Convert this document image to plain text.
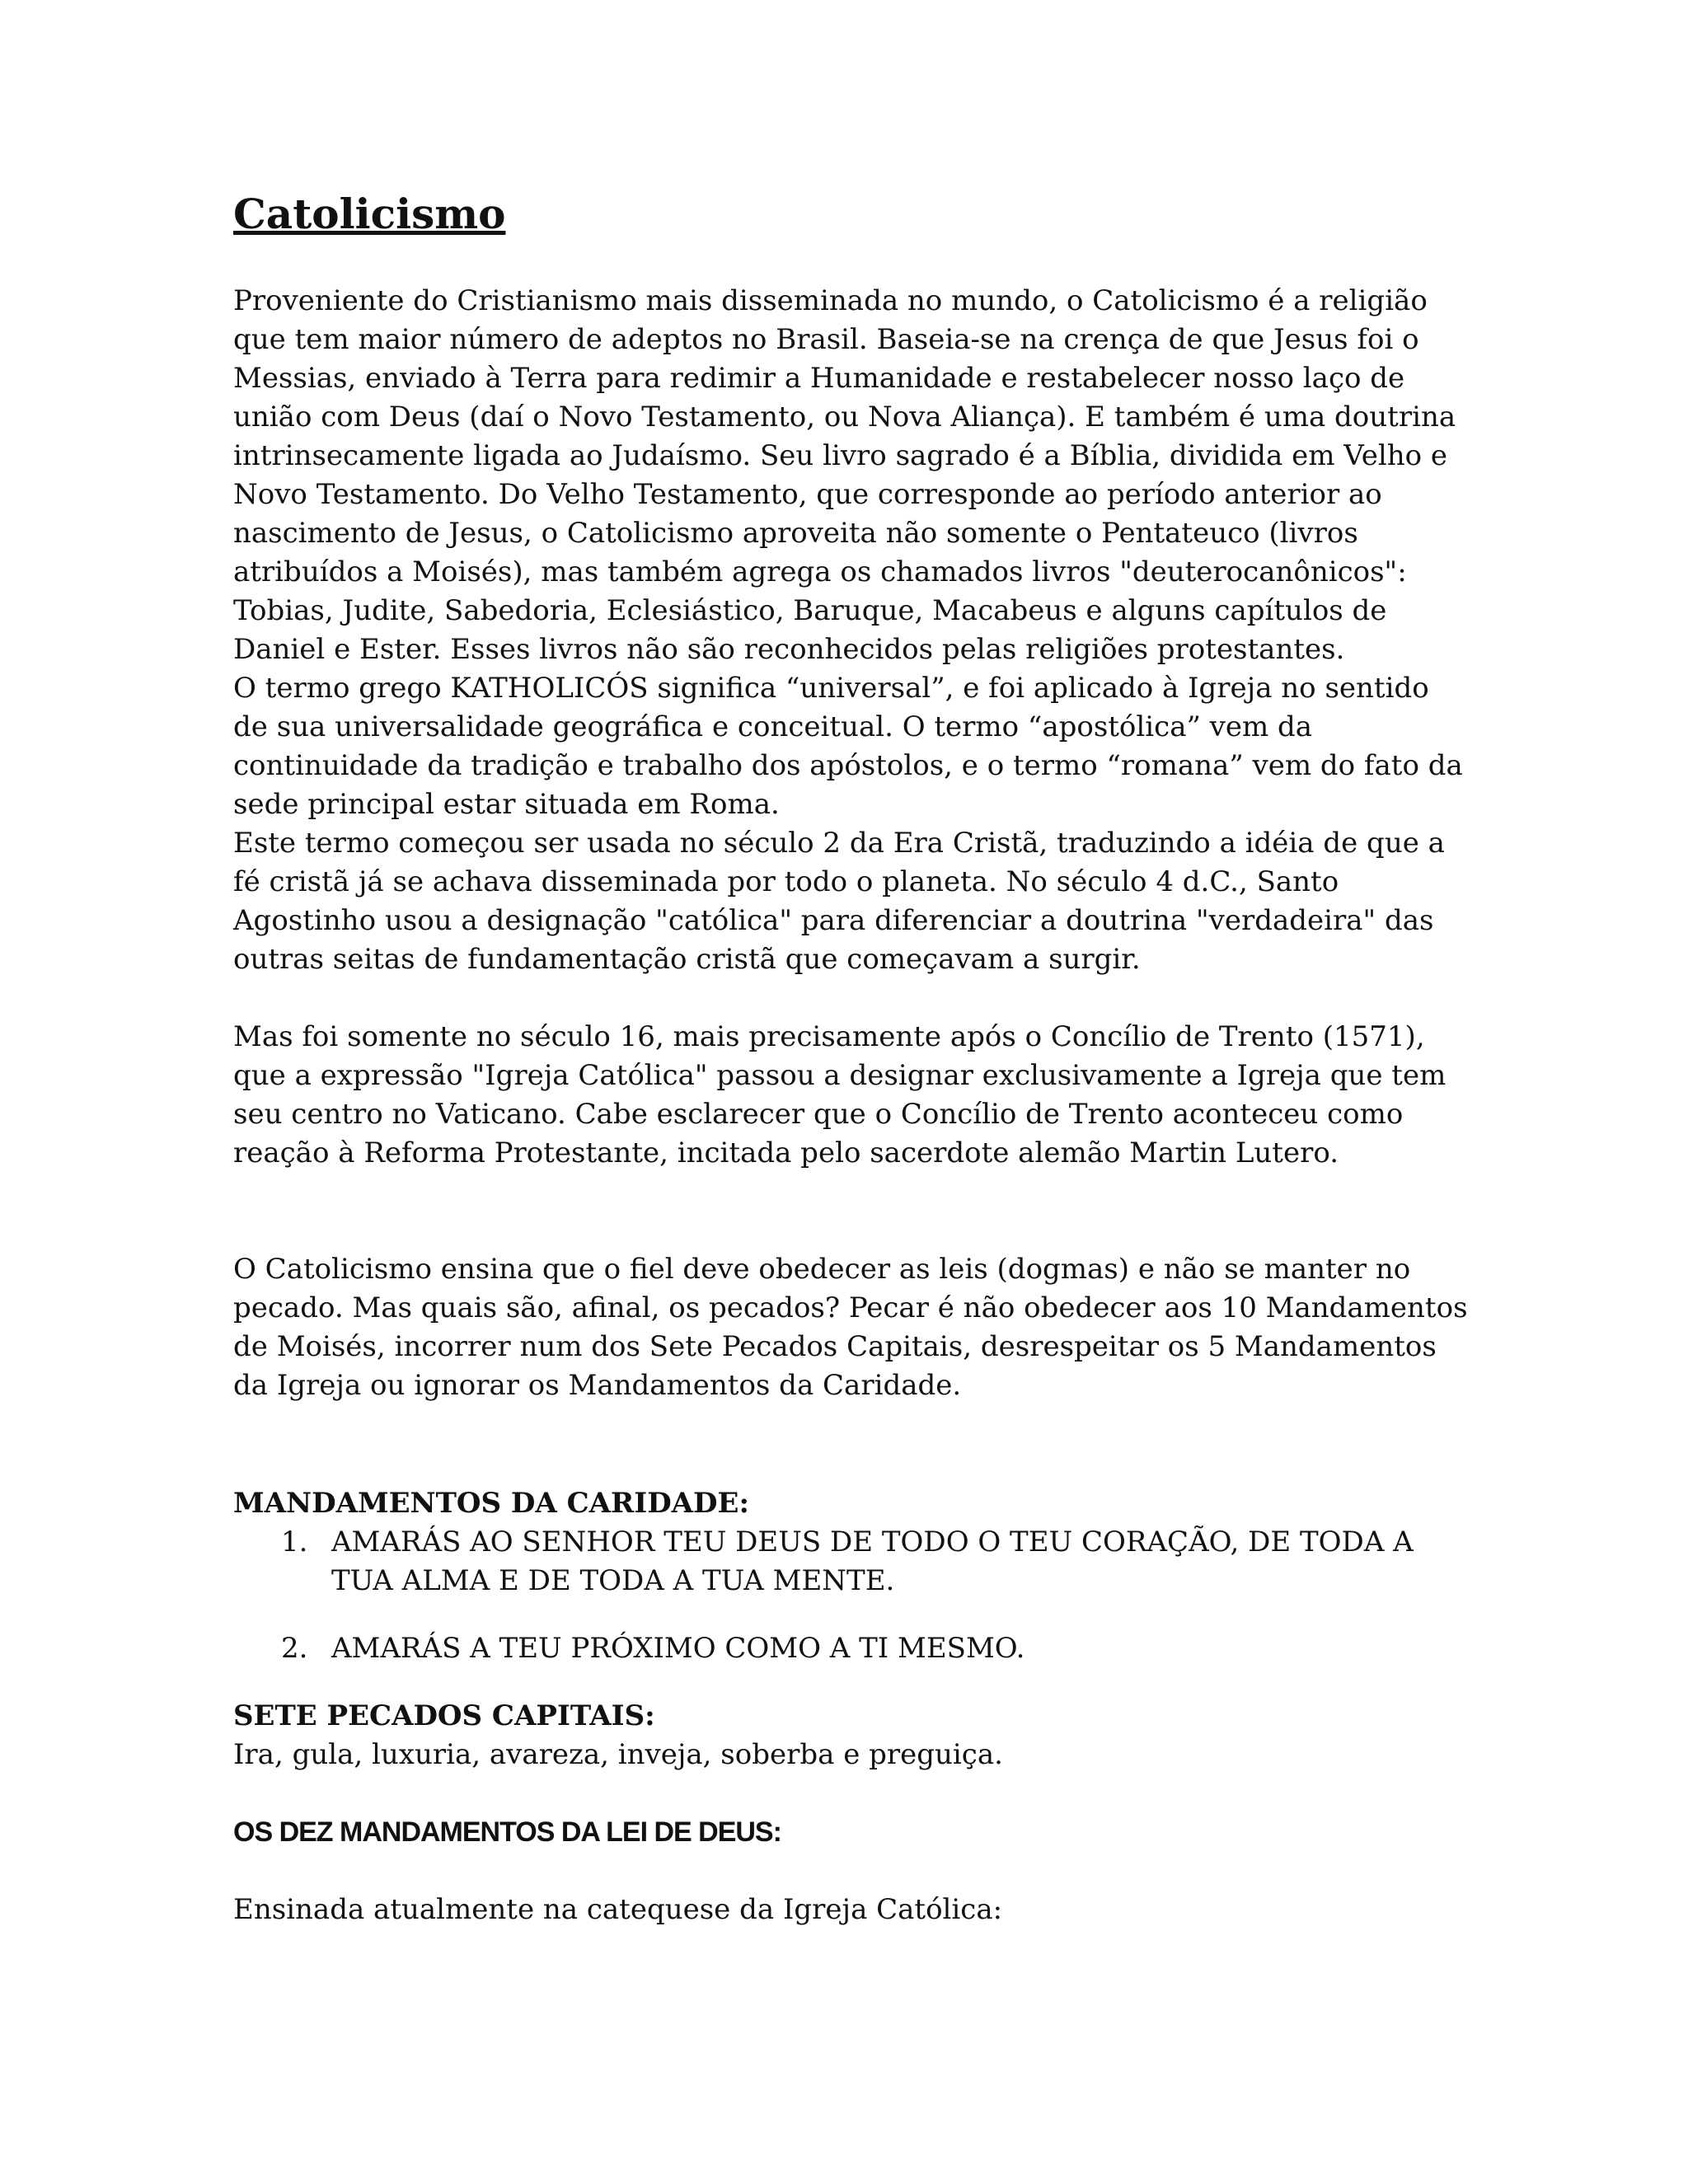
Catolicismo

Proveniente do Cristianismo mais disseminada no mundo, o Catolicismo é a religião que tem maior número de adeptos no Brasil. Baseia-se na crença de que Jesus foi o Messias, enviado à Terra para redimir a Humanidade e restabelecer nosso laço de união com Deus (daí o Novo Testamento, ou Nova Aliança). E também é uma doutrina intrinsecamente ligada ao Judaísmo. Seu livro sagrado é a Bíblia, dividida em Velho e Novo Testamento. Do Velho Testamento, que corresponde ao período anterior ao nascimento de Jesus, o Catolicismo aproveita não somente o Pentateuco (livros atribuídos a Moisés), mas também agrega os chamados livros "deuterocanônicos": Tobias, Judite, Sabedoria, Eclesiástico, Baruque, Macabeus e alguns capítulos de Daniel e Ester. Esses livros não são reconhecidos pelas religiões protestantes.

O termo grego KATHOLICÓS significa “universal”, e foi aplicado à Igreja no sentido de sua universalidade geográfica e conceitual. O termo “apostólica” vem da continuidade da tradição e trabalho dos apóstolos, e o termo “romana” vem do fato da sede principal estar situada em Roma.

Este termo começou ser usada no século 2 da Era Cristã, traduzindo a idéia de que a fé cristã já se achava disseminada por todo o planeta. No século 4 d.C., Santo Agostinho usou a designação "católica" para diferenciar a doutrina "verdadeira" das outras seitas de fundamentação cristã que começavam a surgir.

Mas foi somente no século 16, mais precisamente após o Concílio de Trento (1571), que a expressão "Igreja Católica" passou a designar exclusivamente a Igreja que tem seu centro no Vaticano. Cabe esclarecer que o Concílio de Trento aconteceu como reação à Reforma Protestante, incitada pelo sacerdote alemão Martin Lutero.

O Catolicismo ensina que o fiel deve obedecer as leis (dogmas) e não se manter no pecado. Mas quais são, afinal, os pecados? Pecar é não obedecer aos 10 Mandamentos de Moisés, incorrer num dos Sete Pecados Capitais, desrespeitar os 5 Mandamentos da Igreja ou ignorar os Mandamentos da Caridade.

MANDAMENTOS DA CARIDADE:

1. AMARÁS AO SENHOR TEU DEUS DE TODO O TEU CORAÇÃO, DE TODA A TUA ALMA E DE TODA A TUA MENTE.
2. AMARÁS A TEU PRÓXIMO COMO A TI MESMO.

SETE PECADOS CAPITAIS:

Ira, gula, luxuria, avareza, inveja, soberba e preguiça.

OS DEZ MANDAMENTOS DA LEI DE DEUS:

Ensinada atualmente na catequese da Igreja Católica:
